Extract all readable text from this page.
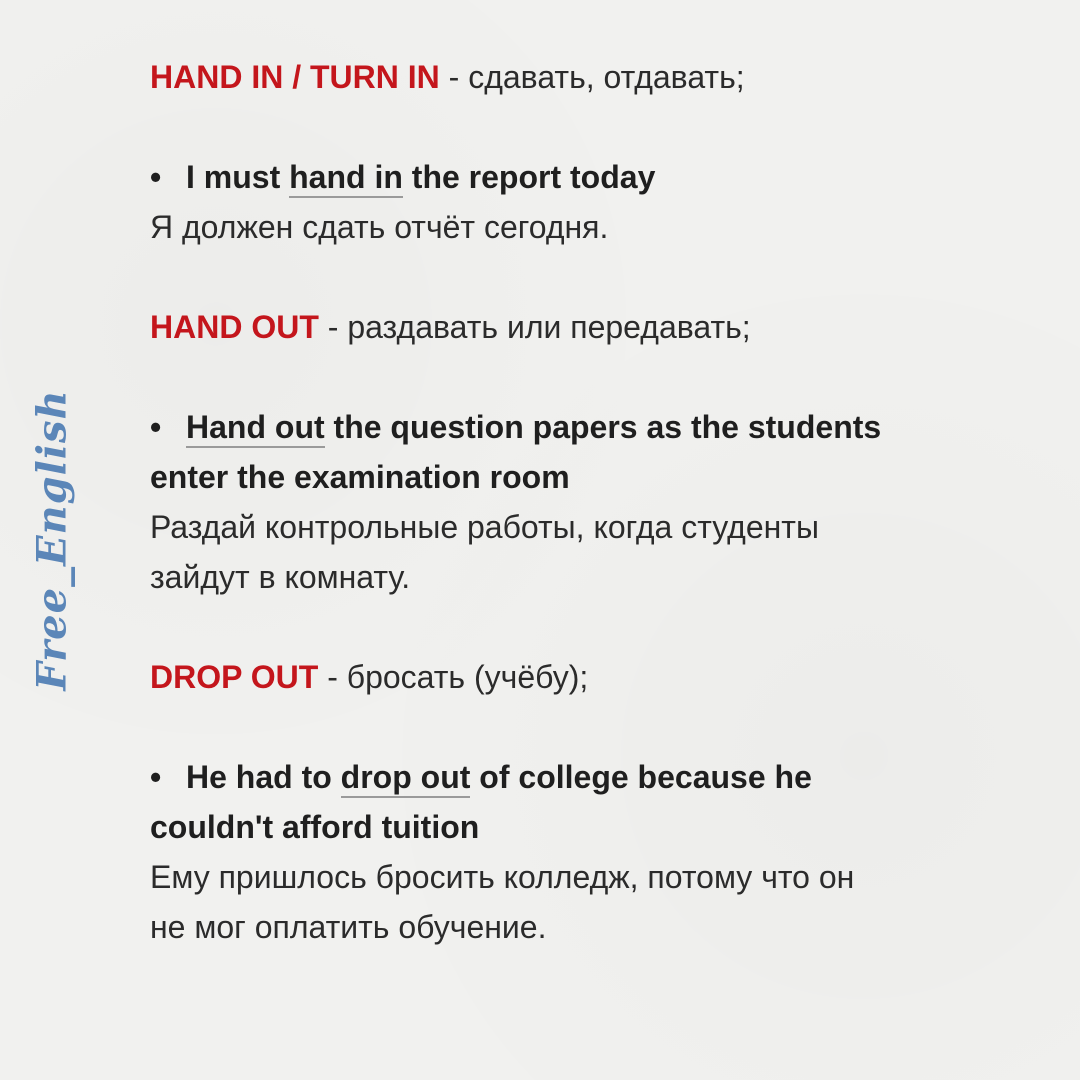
Free_English
HAND IN / TURN IN - сдавать, отдавать;
• I must hand in the report today
Я должен сдать отчёт сегодня.
HAND OUT - раздавать или передавать;
• Hand out the question papers as the students
enter the examination room
Раздай контрольные работы, когда студенты
зайдут в комнату.
DROP OUT - бросать (учёбу);
• He had to drop out of college because he
couldn't afford tuition
Ему пришлось бросить колледж, потому что он
не мог оплатить обучение.
